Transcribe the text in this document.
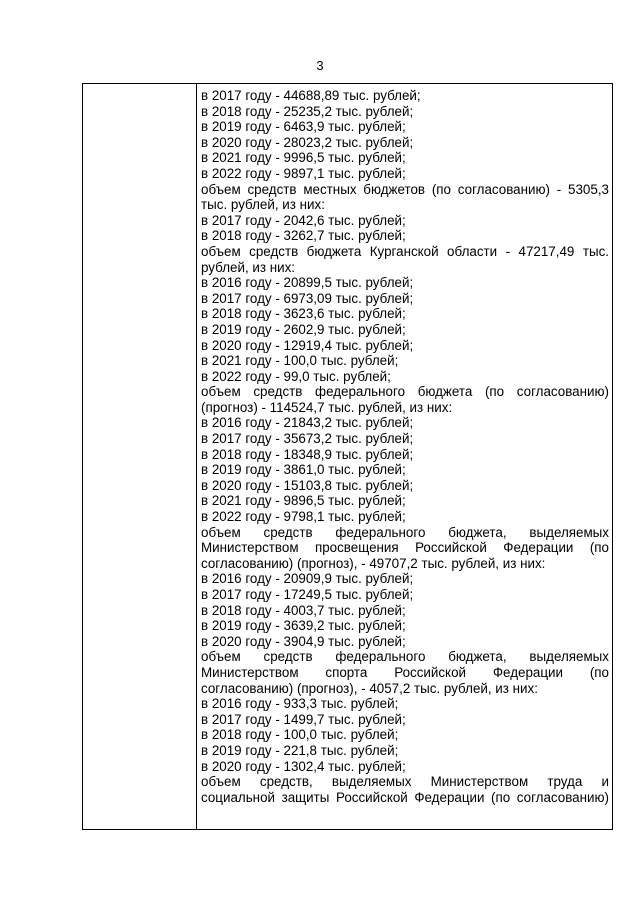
3
в 2017 году - 44688,89 тыс. рублей;
в 2018 году - 25235,2 тыс. рублей;
в 2019 году - 6463,9 тыс. рублей;
в 2020 году - 28023,2 тыс. рублей;
в 2021 году - 9996,5 тыс. рублей;
в 2022 году - 9897,1 тыс. рублей;
объем средств местных бюджетов (по согласованию) - 5305,3
тыс. рублей, из них:
в 2017 году - 2042,6 тыс. рублей;
в 2018 году - 3262,7 тыс. рублей;
объем средств бюджета Курганской области - 47217,49 тыс.
рублей, из них:
в 2016 году - 20899,5 тыс. рублей;
в 2017 году - 6973,09 тыс. рублей;
в 2018 году - 3623,6 тыс. рублей;
в 2019 году - 2602,9 тыс. рублей;
в 2020 году - 12919,4 тыс. рублей;
в 2021 году - 100,0 тыс. рублей;
в 2022 году - 99,0 тыс. рублей;
объем средств федерального бюджета (по согласованию)
(прогноз) - 114524,7 тыс. рублей, из них:
в 2016 году - 21843,2 тыс. рублей;
в 2017 году - 35673,2 тыс. рублей;
в 2018 году - 18348,9 тыс. рублей;
в 2019 году - 3861,0 тыс. рублей;
в 2020 году - 15103,8 тыс. рублей;
в 2021 году - 9896,5 тыс. рублей;
в 2022 году - 9798,1 тыс. рублей;
объем средств федерального бюджета, выделяемых
Министерством просвещения Российской Федерации (по
согласованию) (прогноз), - 49707,2 тыс. рублей, из них:
в 2016 году - 20909,9 тыс. рублей;
в 2017 году - 17249,5 тыс. рублей;
в 2018 году - 4003,7 тыс. рублей;
в 2019 году - 3639,2 тыс. рублей;
в 2020 году - 3904,9 тыс. рублей;
объем средств федерального бюджета, выделяемых
Министерством спорта Российской Федерации (по
согласованию) (прогноз), - 4057,2 тыс. рублей, из них:
в 2016 году - 933,3 тыс. рублей;
в 2017 году - 1499,7 тыс. рублей;
в 2018 году - 100,0 тыс. рублей;
в 2019 году - 221,8 тыс. рублей;
в 2020 году - 1302,4 тыс. рублей;
объем средств, выделяемых Министерством труда и
социальной защиты Российской Федерации (по согласованию)
